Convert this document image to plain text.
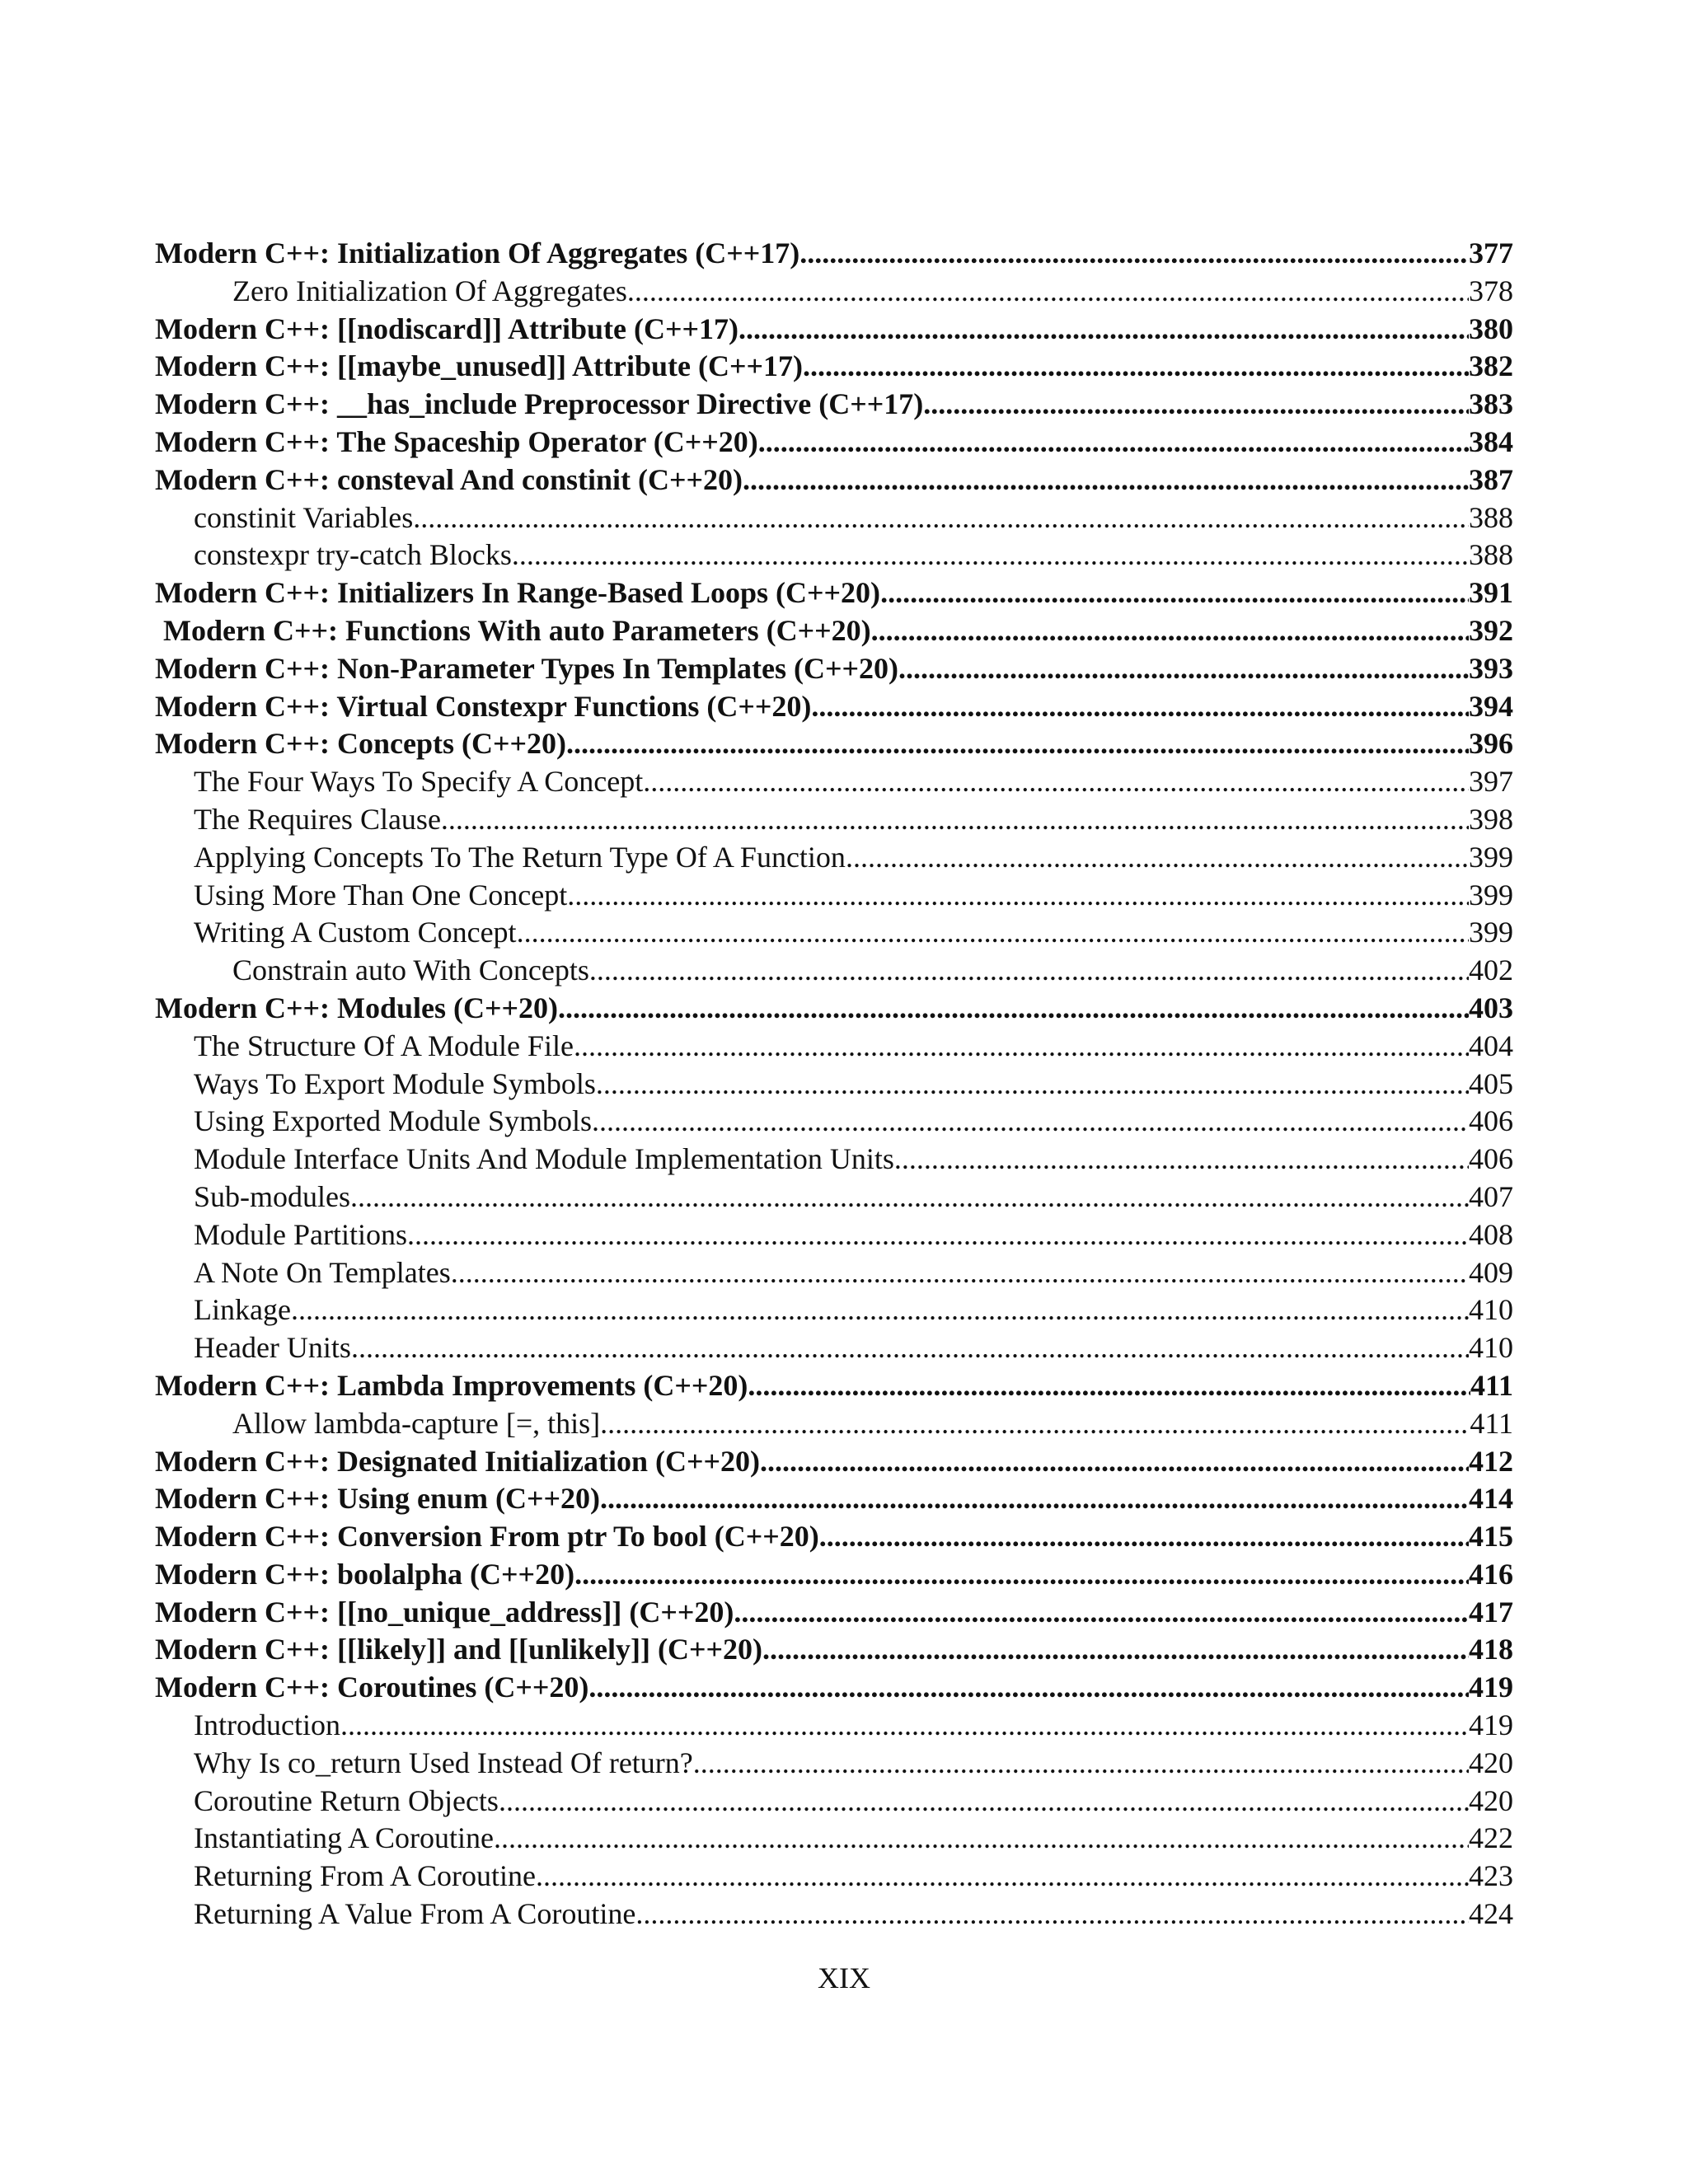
Modern C++: Initialization Of Aggregates (C++17) .....	377
Zero Initialization Of Aggregates .....	378
Modern C++: [[nodiscard]] Attribute (C++17) .....	380
Modern C++: [[maybe_unused]] Attribute (C++17) .....	382
Modern C++: __has_include Preprocessor Directive (C++17) .....	383
Modern C++: The Spaceship Operator (C++20) .....	384
Modern C++: consteval And constinit (C++20) .....	387
constinit Variables .....	388
constexpr try-catch Blocks .....	388
Modern C++: Initializers In Range-Based Loops (C++20) .....	391
Modern C++: Functions With auto Parameters (C++20) .....	392
Modern C++: Non-Parameter Types In Templates (C++20) .....	393
Modern C++: Virtual Constexpr Functions (C++20) .....	394
Modern C++: Concepts (C++20) .....	396
The Four Ways To Specify A Concept .....	397
The Requires Clause .....	398
Applying Concepts To The Return Type Of A Function .....	399
Using More Than One Concept .....	399
Writing A Custom Concept .....	399
Constrain auto With Concepts .....	402
Modern C++: Modules (C++20) .....	403
The Structure Of A Module File .....	404
Ways To Export Module Symbols .....	405
Using Exported Module Symbols .....	406
Module Interface Units And Module Implementation Units .....	406
Sub-modules .....	407
Module Partitions .....	408
A Note On Templates .....	409
Linkage .....	410
Header Units .....	410
Modern C++: Lambda Improvements (C++20) .....	411
Allow lambda-capture [=, this] .....	411
Modern C++: Designated Initialization (C++20) .....	412
Modern C++: Using enum (C++20) .....	414
Modern C++: Conversion From ptr To bool (C++20) .....	415
Modern C++: boolalpha (C++20) .....	416
Modern C++: [[no_unique_address]] (C++20) .....	417
Modern C++: [[likely]] and [[unlikely]] (C++20) .....	418
Modern C++: Coroutines (C++20) .....	419
Introduction .....	419
Why Is co_return Used Instead Of return? .....	420
Coroutine Return Objects .....	420
Instantiating A Coroutine .....	422
Returning From A Coroutine .....	423
Returning A Value From A Coroutine .....	424
XIX
